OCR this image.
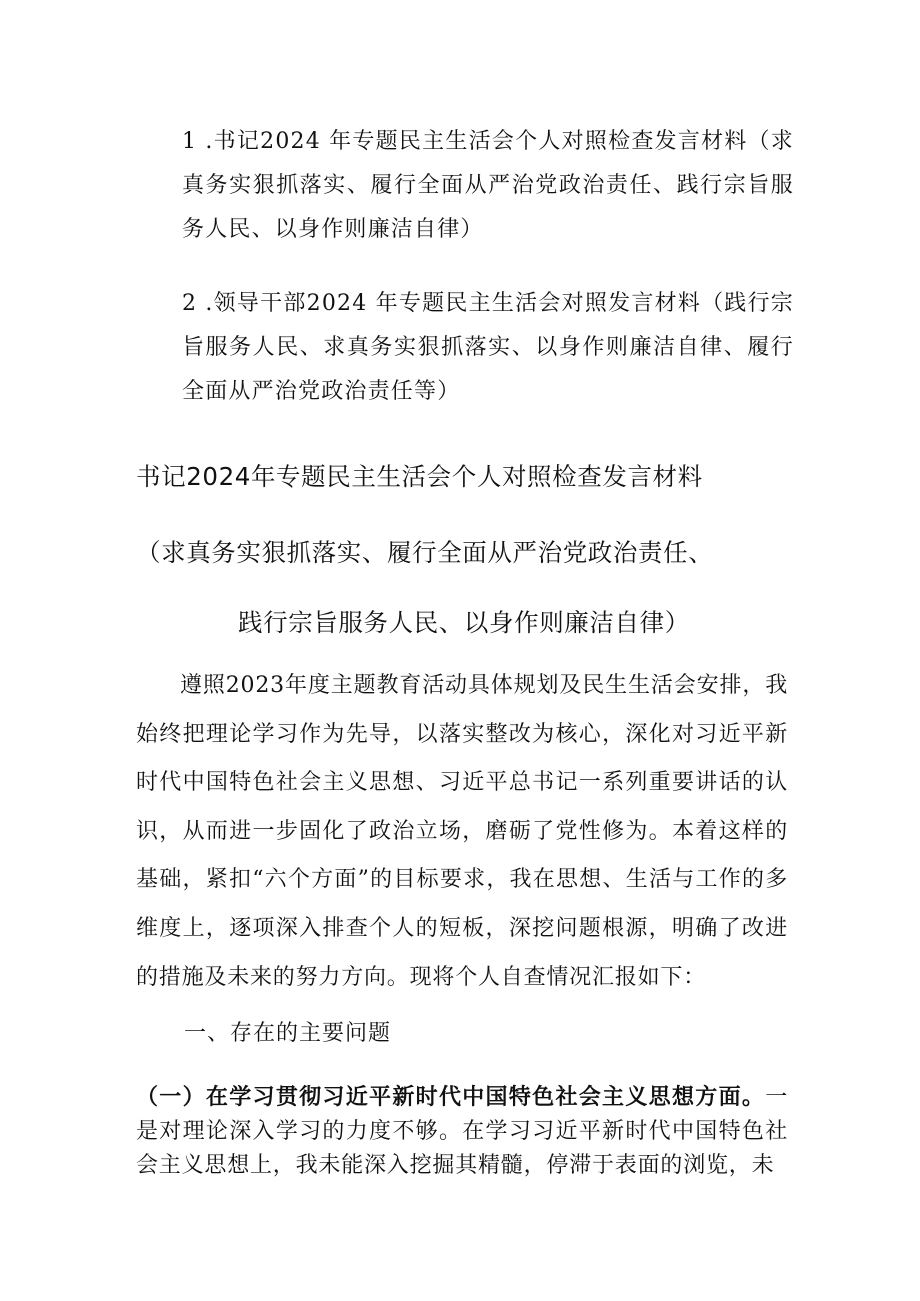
1 .书记2024 年专题民主生活会个人对照检查发言材料（求真务实狠抓落实、履行全面从严治党政治责任、践行宗旨服务人民、以身作则廉洁自律）
2 .领导干部2024 年专题民主生活会对照发言材料（践行宗旨服务人民、求真务实狠抓落实、以身作则廉洁自律、履行全面从严治党政治责任等）
书记2024年专题民主生活会个人对照检查发言材料
（求真务实狠抓落实、履行全面从严治党政治责任、
践行宗旨服务人民、以身作则廉洁自律）
遵照2023年度主题教育活动具体规划及民生生活会安排，我始终把理论学习作为先导，以落实整改为核心，深化对习近平新时代中国特色社会主义思想、习近平总书记一系列重要讲话的认识，从而进一步固化了政治立场，磨砺了党性修为。本着这样的基础，紧扣“六个方面”的目标要求，我在思想、生活与工作的多维度上，逐项深入排查个人的短板，深挖问题根源，明确了改进的措施及未来的努力方向。现将个人自查情况汇报如下：
一、存在的主要问题
（一）在学习贯彻习近平新时代中国特色社会主义思想方面。一是对理论深入学习的力度不够。在学习习近平新时代中国特色社会主义思想上，我未能深入挖掘其精髓，停滞于表面的浏览，未
